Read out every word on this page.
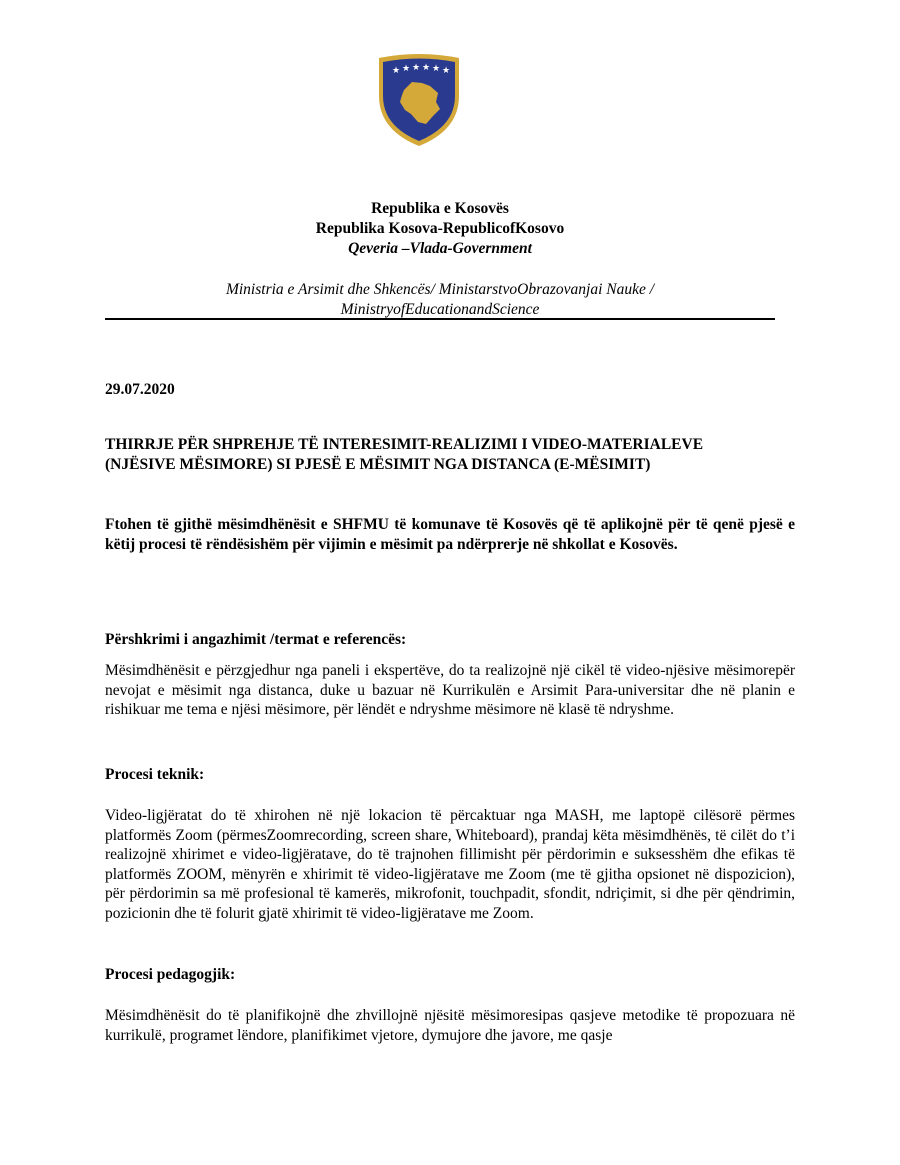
★ ★ ★ ★ ★ ★
Republika e Kosovës
Republika Kosova-RepublicofKosovo
Qeveria –Vlada-Government
Ministria e Arsimit dhe Shkencës/ MinistarstvoObrazovanjai Nauke /
MinistryofEducationandScience
29.07.2020
THIRRJE PËR SHPREHJE TË INTERESIMIT-REALIZIMI I VIDEO-MATERIALEVE
(NJËSIVE MËSIMORE) SI PJESË E MËSIMIT NGA DISTANCA (E-MËSIMIT)
Ftohen të gjithë mësimdhënësit e SHFMU të komunave të Kosovës që të aplikojnë për të qenë pjesë e këtij procesi të rëndësishëm për vijimin e mësimit pa ndërprerje në shkollat e Kosovës.
Përshkrimi i angazhimit /termat e referencës:
Mësimdhënësit e përzgjedhur nga paneli i ekspertëve, do ta realizojnë një cikël të video-njësive mësimorepër nevojat e mësimit nga distanca, duke u bazuar në Kurrikulën e Arsimit Para-universitar dhe në planin e rishikuar me tema e njësi mësimore, për lëndët e ndryshme mësimore në klasë të ndryshme.
Procesi teknik:
Video-ligjëratat do të xhirohen në një lokacion të përcaktuar nga MASH, me laptopë cilësorë përmes platformës Zoom (përmesZoomrecording, screen share, Whiteboard), prandaj këta mësimdhënës, të cilët do t’i realizojnë xhirimet e video-ligjëratave, do të trajnohen fillimisht për përdorimin e suksesshëm dhe efikas të platformës ZOOM, mënyrën e xhirimit të video-ligjëratave me Zoom (me të gjitha opsionet në dispozicion), për përdorimin sa më profesional të kamerës, mikrofonit, touchpadit, sfondit, ndriçimit, si dhe për qëndrimin, pozicionin dhe të folurit gjatë xhirimit të video-ligjëratave me Zoom.
Procesi pedagogjik:
Mësimdhënësit do të planifikojnë dhe zhvillojnë njësitë mësimoresipas qasjeve metodike të propozuara në kurrikulë, programet lëndore, planifikimet vjetore, dymujore dhe javore, me qasje
